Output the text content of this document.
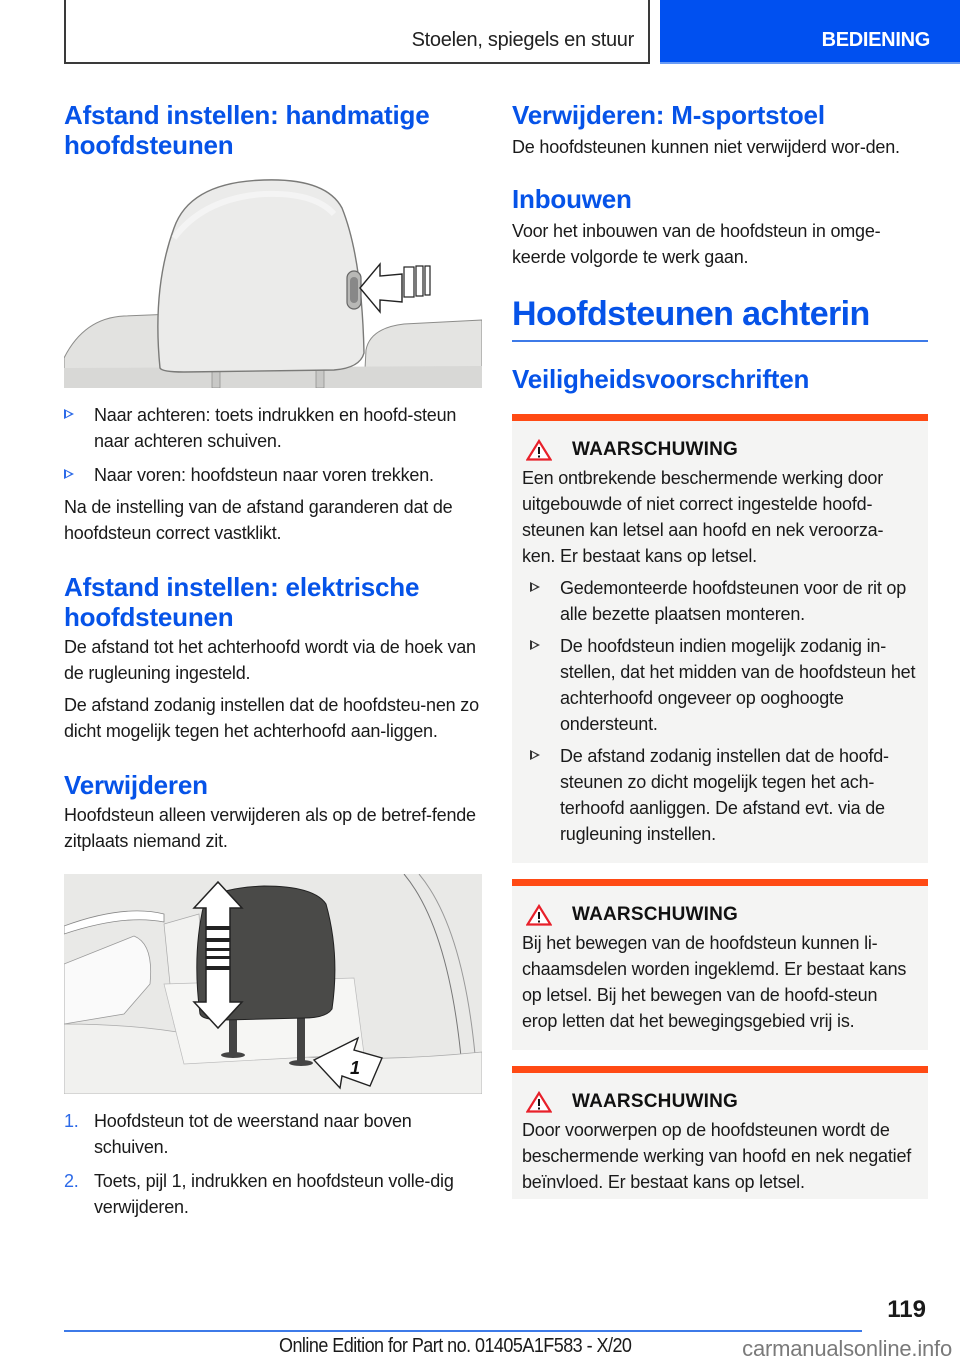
Stoelen, spiegels en stuur	BEDIENING
Afstand instellen: handmatige hoofdsteunen
Naar achteren: toets indrukken en hoofd-steun naar achteren schuiven.
Naar voren: hoofdsteun naar voren trekken.

Na de instelling van de afstand garanderen dat de hoofdsteun correct vastklikt.

Afstand instellen: elektrische hoofdsteunen

De afstand tot het achterhoofd wordt via de hoek van de rugleuning ingesteld.

De afstand zodanig instellen dat de hoofdsteu-nen zo dicht mogelijk tegen het achterhoofd aan-liggen.

Verwijderen

Hoofdsteun alleen verwijderen als op de betref-fende zitplaats niemand zit.

1
1. Hoofdsteun tot de weerstand naar boven schuiven.
2. Toets, pijl 1, indrukken en hoofdsteun volle-dig verwijderen.
Verwijderen: M-sportstoel

De hoofdsteunen kunnen niet verwijderd wor-den.

Inbouwen

Voor het inbouwen van de hoofdsteun in omge-keerde volgorde te werk gaan.

Hoofdsteunen achterin
Veiligheidsvoorschriften
WAARSCHUWING

Een ontbrekende beschermende werking door uitgebouwde of niet correct ingestelde hoofd-steunen kan letsel aan hoofd en nek veroorza-ken. Er bestaat kans op letsel.

Gedemonteerde hoofdsteunen voor de rit op alle bezette plaatsen monteren.
De hoofdsteun indien mogelijk zodanig in-stellen, dat het midden van de hoofdsteun het achterhoofd ongeveer op ooghoogte ondersteunt.
De afstand zodanig instellen dat de hoofd-steunen zo dicht mogelijk tegen het ach-terhoofd aanliggen. De afstand evt. via de rugleuning instellen.
WAARSCHUWING

Bij het bewegen van de hoofdsteun kunnen li-chaamsdelen worden ingeklemd. Er bestaat kans op letsel. Bij het bewegen van de hoofd-steun erop letten dat het bewegingsgebied vrij is.

WAARSCHUWING

Door voorwerpen op de hoofdsteunen wordt de beschermende werking van hoofd en nek negatief beïnvloed. Er bestaat kans op letsel.

119
Online Edition for Part no. 01405A1F583 - X/20	carmanualsonline.info
